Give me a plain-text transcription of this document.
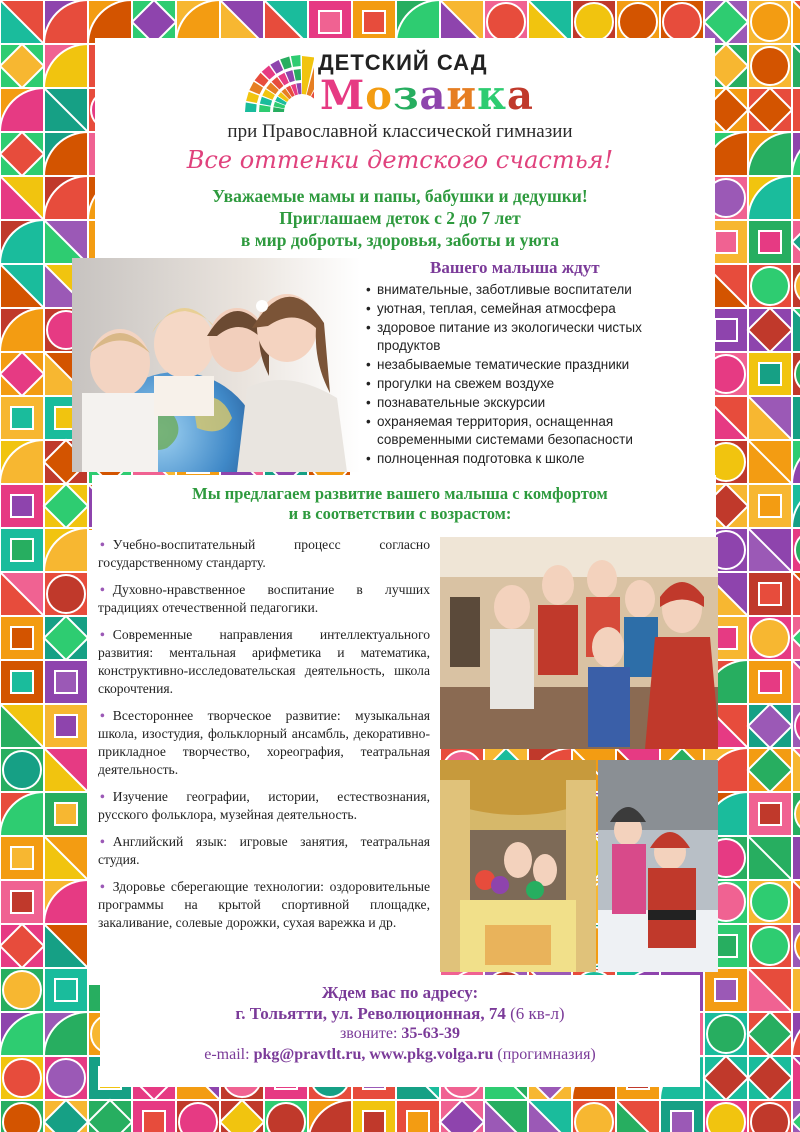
ДЕТСКИЙ САД
Мозаика
при Православной классической гимназии
Все оттенки детского счастья!
Уважаемые мамы и папы, бабушки и дедушки!
Приглашаем деток с 2 до 7 лет
в мир доброты, здоровья, заботы и уюта
Вашего малыша ждут
• внимательные, заботливые воспитатели
• уютная, теплая, семейная атмосфера
• здоровое питание из экологически чистых продуктов
• незабываемые тематические праздники
• прогулки на свежем воздухе
• познавательные экскурсии
• охраняемая территория, оснащенная современными системами безопасности
• полноценная подготовка к школе
Мы предлагаем развитие вашего малыша с комфортом
и в соответствии с возрастом:
• Учебно-воспитательный процесс согласно государственному стандарту.
• Духовно-нравственное воспитание в лучших традициях отечественной педагогики.
• Современные направления интеллектуального развития: ментальная арифметика и математика, конструктивно-исследовательская деятельность, школа скорочтения.
• Всестороннее творческое развитие: музыкальная школа, изостудия, фольклорный ансамбль, декоративно-прикладное творчество, хореография, театральная деятельность.
• Изучение географии, истории, естествознания, русского фольклора, музейная деятельность.
• Английский язык: игровые занятия, театральная студия.
• Здоровье сберегающие технологии: оздоровительные программы на крытой спортивной площадке, закаливание, солевые дорожки, сухая варежка и др.
Ждем вас по адресу:
г. Тольятти, ул. Революционная, 74 (6 кв-л)
звоните: 35-63-39
e-mail: pkg@pravtlt.ru, www.pkg.volga.ru (прогимназия)
